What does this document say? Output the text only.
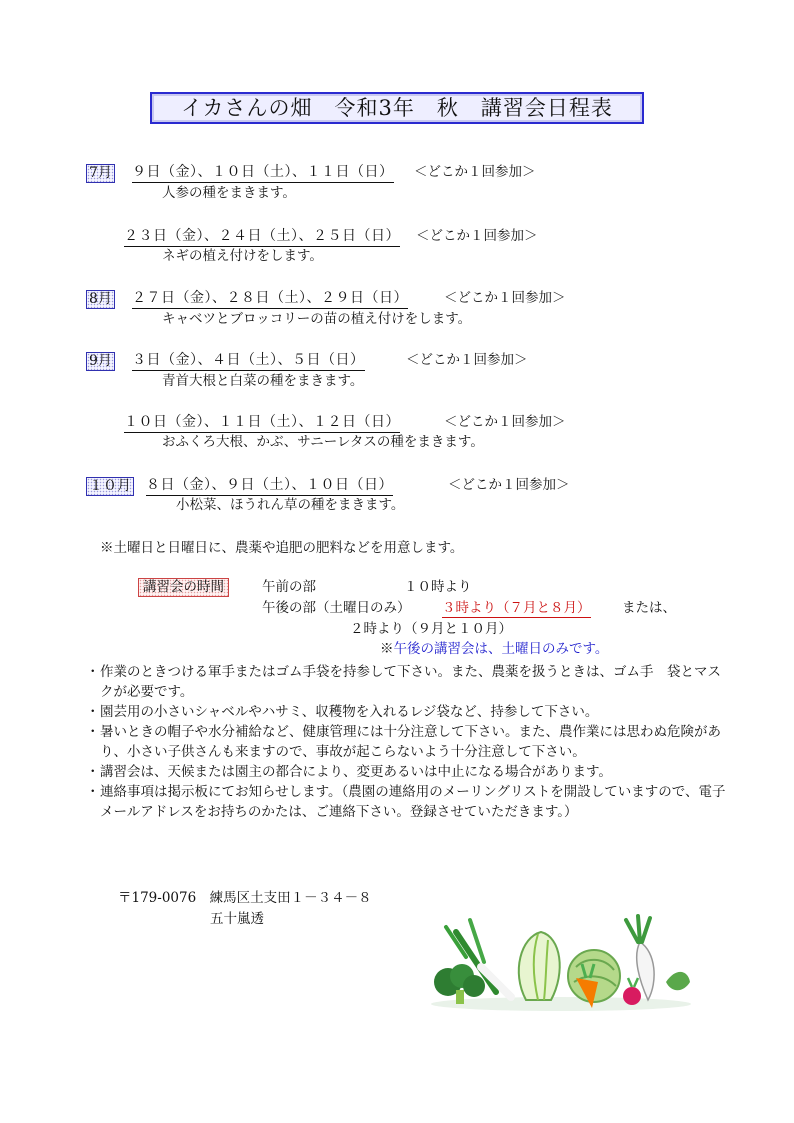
イカさんの畑　令和3年　秋　講習会日程表
7月 ９日（金）、１０日（土）、１１日（日） ＜どこか１回参加＞
人参の種をまきます。
２３日（金）、２４日（土）、２５日（日） ＜どこか１回参加＞
ネギの植え付けをします。
8月 ２７日（金）、２８日（土）、２９日（日）	＜どこか１回参加＞
キャベツとブロッコリーの苗の植え付けをします。
9月 ３日（金）、４日（土）、５日（日）	＜どこか１回参加＞
青首大根と白菜の種をまきます。
１０日（金）、１１日（土）、１２日（日）	＜どこか１回参加＞
おふくろ大根、かぶ、サニーレタスの種をまきます。
１０月 ８日（金）、９日（土）、１０日（日）	＜どこか１回参加＞
小松菜、ほうれん草の種をまきます。
※土曜日と日曜日に、農薬や追肥の肥料などを用意します。
講習会の時間	午前の部	１０時より
午後の部（土曜日のみ） ３時より（７月と８月） または、
２時より（９月と１０月）
※午後の講習会は、土曜日のみです。

・ 作業のときつける軍手またはゴム手袋を持参して下さい。また、農薬を扱うときは、ゴム手　袋とマスクが必要です。

・ 園芸用の小さいシャベルやハサミ、収穫物を入れるレジ袋など、持参して下さい。

・ 暑いときの帽子や水分補給など、健康管理には十分注意して下さい。また、農作業には思わぬ危険があり、小さい子供さんも来ますので、事故が起こらないよう十分注意して下さい。

・ 講習会は、天候または園主の都合により、変更あるいは中止になる場合があります。

・ 連絡事項は掲示板にてお知らせします。（農園の連絡用のメーリングリストを開設していますので、電子メールアドレスをお持ちのかたは、ご連絡下さい。登録させていただきます。）

〒179-0076　練馬区土支田１－３４－８
五十嵐透
